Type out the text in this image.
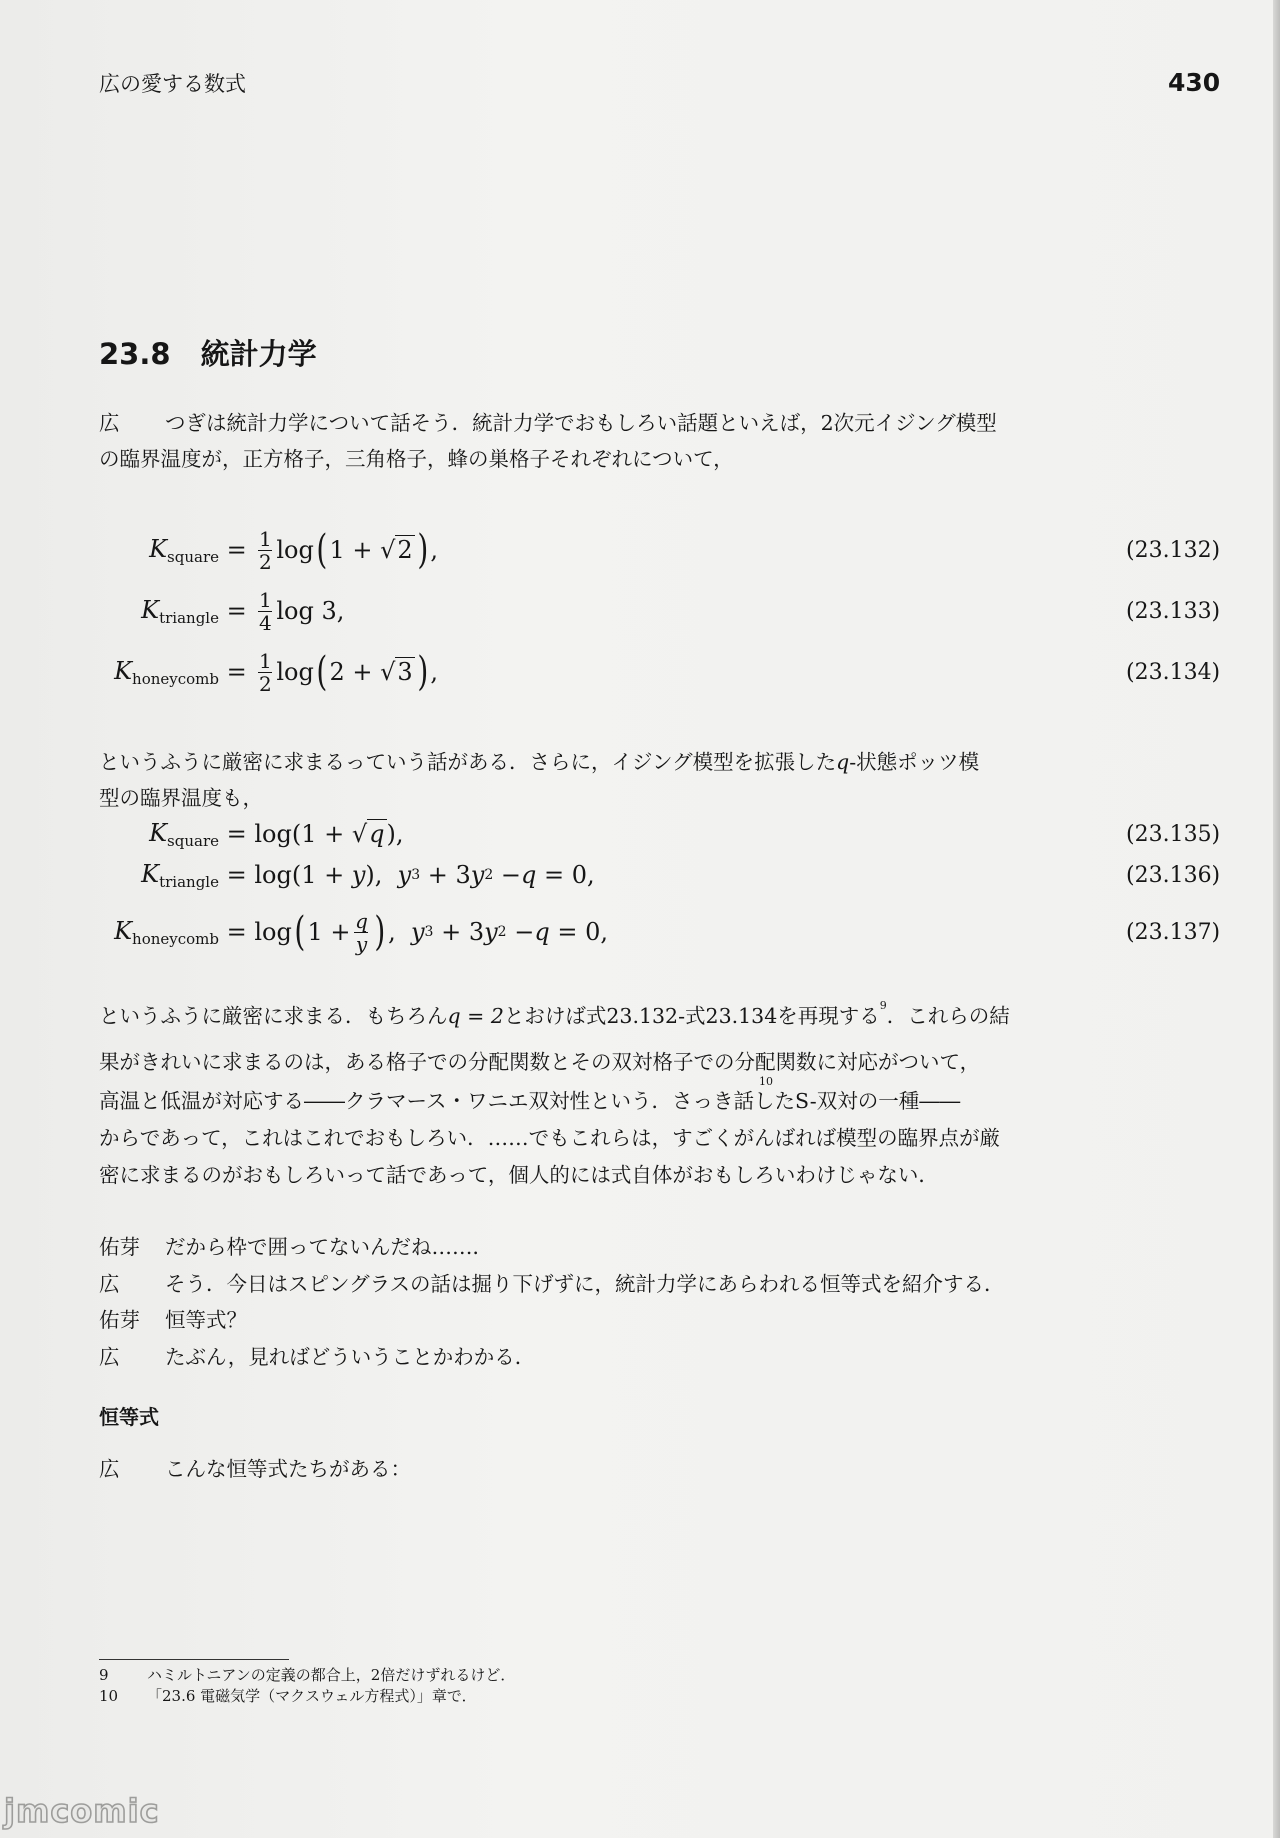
広の愛する数式	430
23.8 統計力学
広 つぎは統計力学について話そう．統計力学でおもしろい話題といえば，2次元イジング模型
の臨界温度が，正方格子，三角格子，蜂の巣格子それぞれについて，
$K_{square} = \frac{1}{2}$ log ( 1 + √2 ) ,	(23.132)
$K_{triangle} = \frac{1}{4}$ log 3,	(23.133)
$K_{honeycomb} = \frac{1}{2}$ log ( 2 + √3 ) ,	(23.134)
というふうに厳密に求まるっていう話がある．さらに，イジング模型を拡張したq-状態ポッツ模
型の臨界温度も，
$K_{square} = \log(1 + √q$ ),	(23.135)
$K_{triangle} = \log(1 + y$ ), y 3 + 3 y 2 − q = 0,	(23.136)
$K_{honeycomb} = \log$ ( $1 + \frac{q}{y}$ ) , y 3 + 3 y 2 − q = 0,	(23.137)
というふうに厳密に求まる．もちろんq = 2とおけば式23.132-式23.134を再現する$^9$．これらの結
果がきれいに求まるのは，ある格子での分配関数とその双対格子での分配関数に対応がついて，
10
高温と低温が対応する――クラマース・ワニエ双対性という．さっき話したS-双対の一種――
からであって，これはこれでおもしろい．……でもこれらは，すごくがんばれば模型の臨界点が厳
密に求まるのがおもしろいって話であって，個人的には式自体がおもしろいわけじゃない．
佑芽 だから枠で囲ってないんだね……．
広 そう．今日はスピングラスの話は掘り下げずに，統計力学にあらわれる恒等式を紹介する．
佑芽 恒等式？
広 たぶん，見ればどういうことかわかる．
恒等式
広 こんな恒等式たちがある：
9	ハミルトニアンの定義の都合上，2倍だけずれるけど．
10 「23.6 電磁気学（マクスウェル方程式）」章で．
jmcomic
